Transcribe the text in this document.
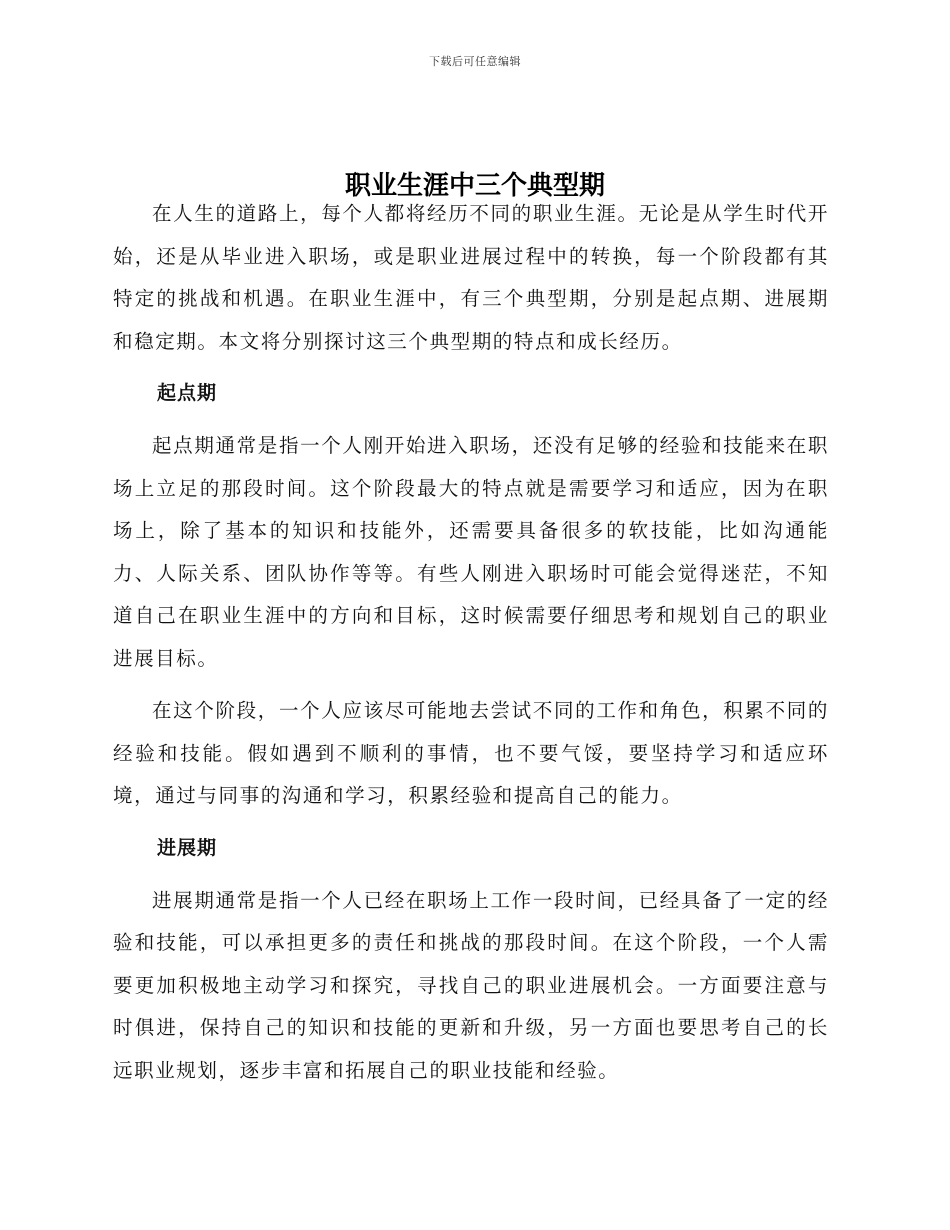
下载后可任意编辑
职业生涯中三个典型期

在人生的道路上，每个人都将经历不同的职业生涯。无论是从学生时代开始，还是从毕业进入职场，或是职业进展过程中的转换，每一个阶段都有其特定的挑战和机遇。在职业生涯中，有三个典型期，分别是起点期、进展期和稳定期。本文将分别探讨这三个典型期的特点和成长经历。

起点期

起点期通常是指一个人刚开始进入职场，还没有足够的经验和技能来在职场上立足的那段时间。这个阶段最大的特点就是需要学习和适应，因为在职场上，除了基本的知识和技能外，还需要具备很多的软技能，比如沟通能力、人际关系、团队协作等等。有些人刚进入职场时可能会觉得迷茫，不知道自己在职业生涯中的方向和目标，这时候需要仔细思考和规划自己的职业进展目标。

在这个阶段，一个人应该尽可能地去尝试不同的工作和角色，积累不同的经验和技能。假如遇到不顺利的事情，也不要气馁，要坚持学习和适应环境，通过与同事的沟通和学习，积累经验和提高自己的能力。

进展期

进展期通常是指一个人已经在职场上工作一段时间，已经具备了一定的经验和技能，可以承担更多的责任和挑战的那段时间。在这个阶段，一个人需要更加积极地主动学习和探究，寻找自己的职业进展机会。一方面要注意与时俱进，保持自己的知识和技能的更新和升级，另一方面也要思考自己的长远职业规划，逐步丰富和拓展自己的职业技能和经验。
